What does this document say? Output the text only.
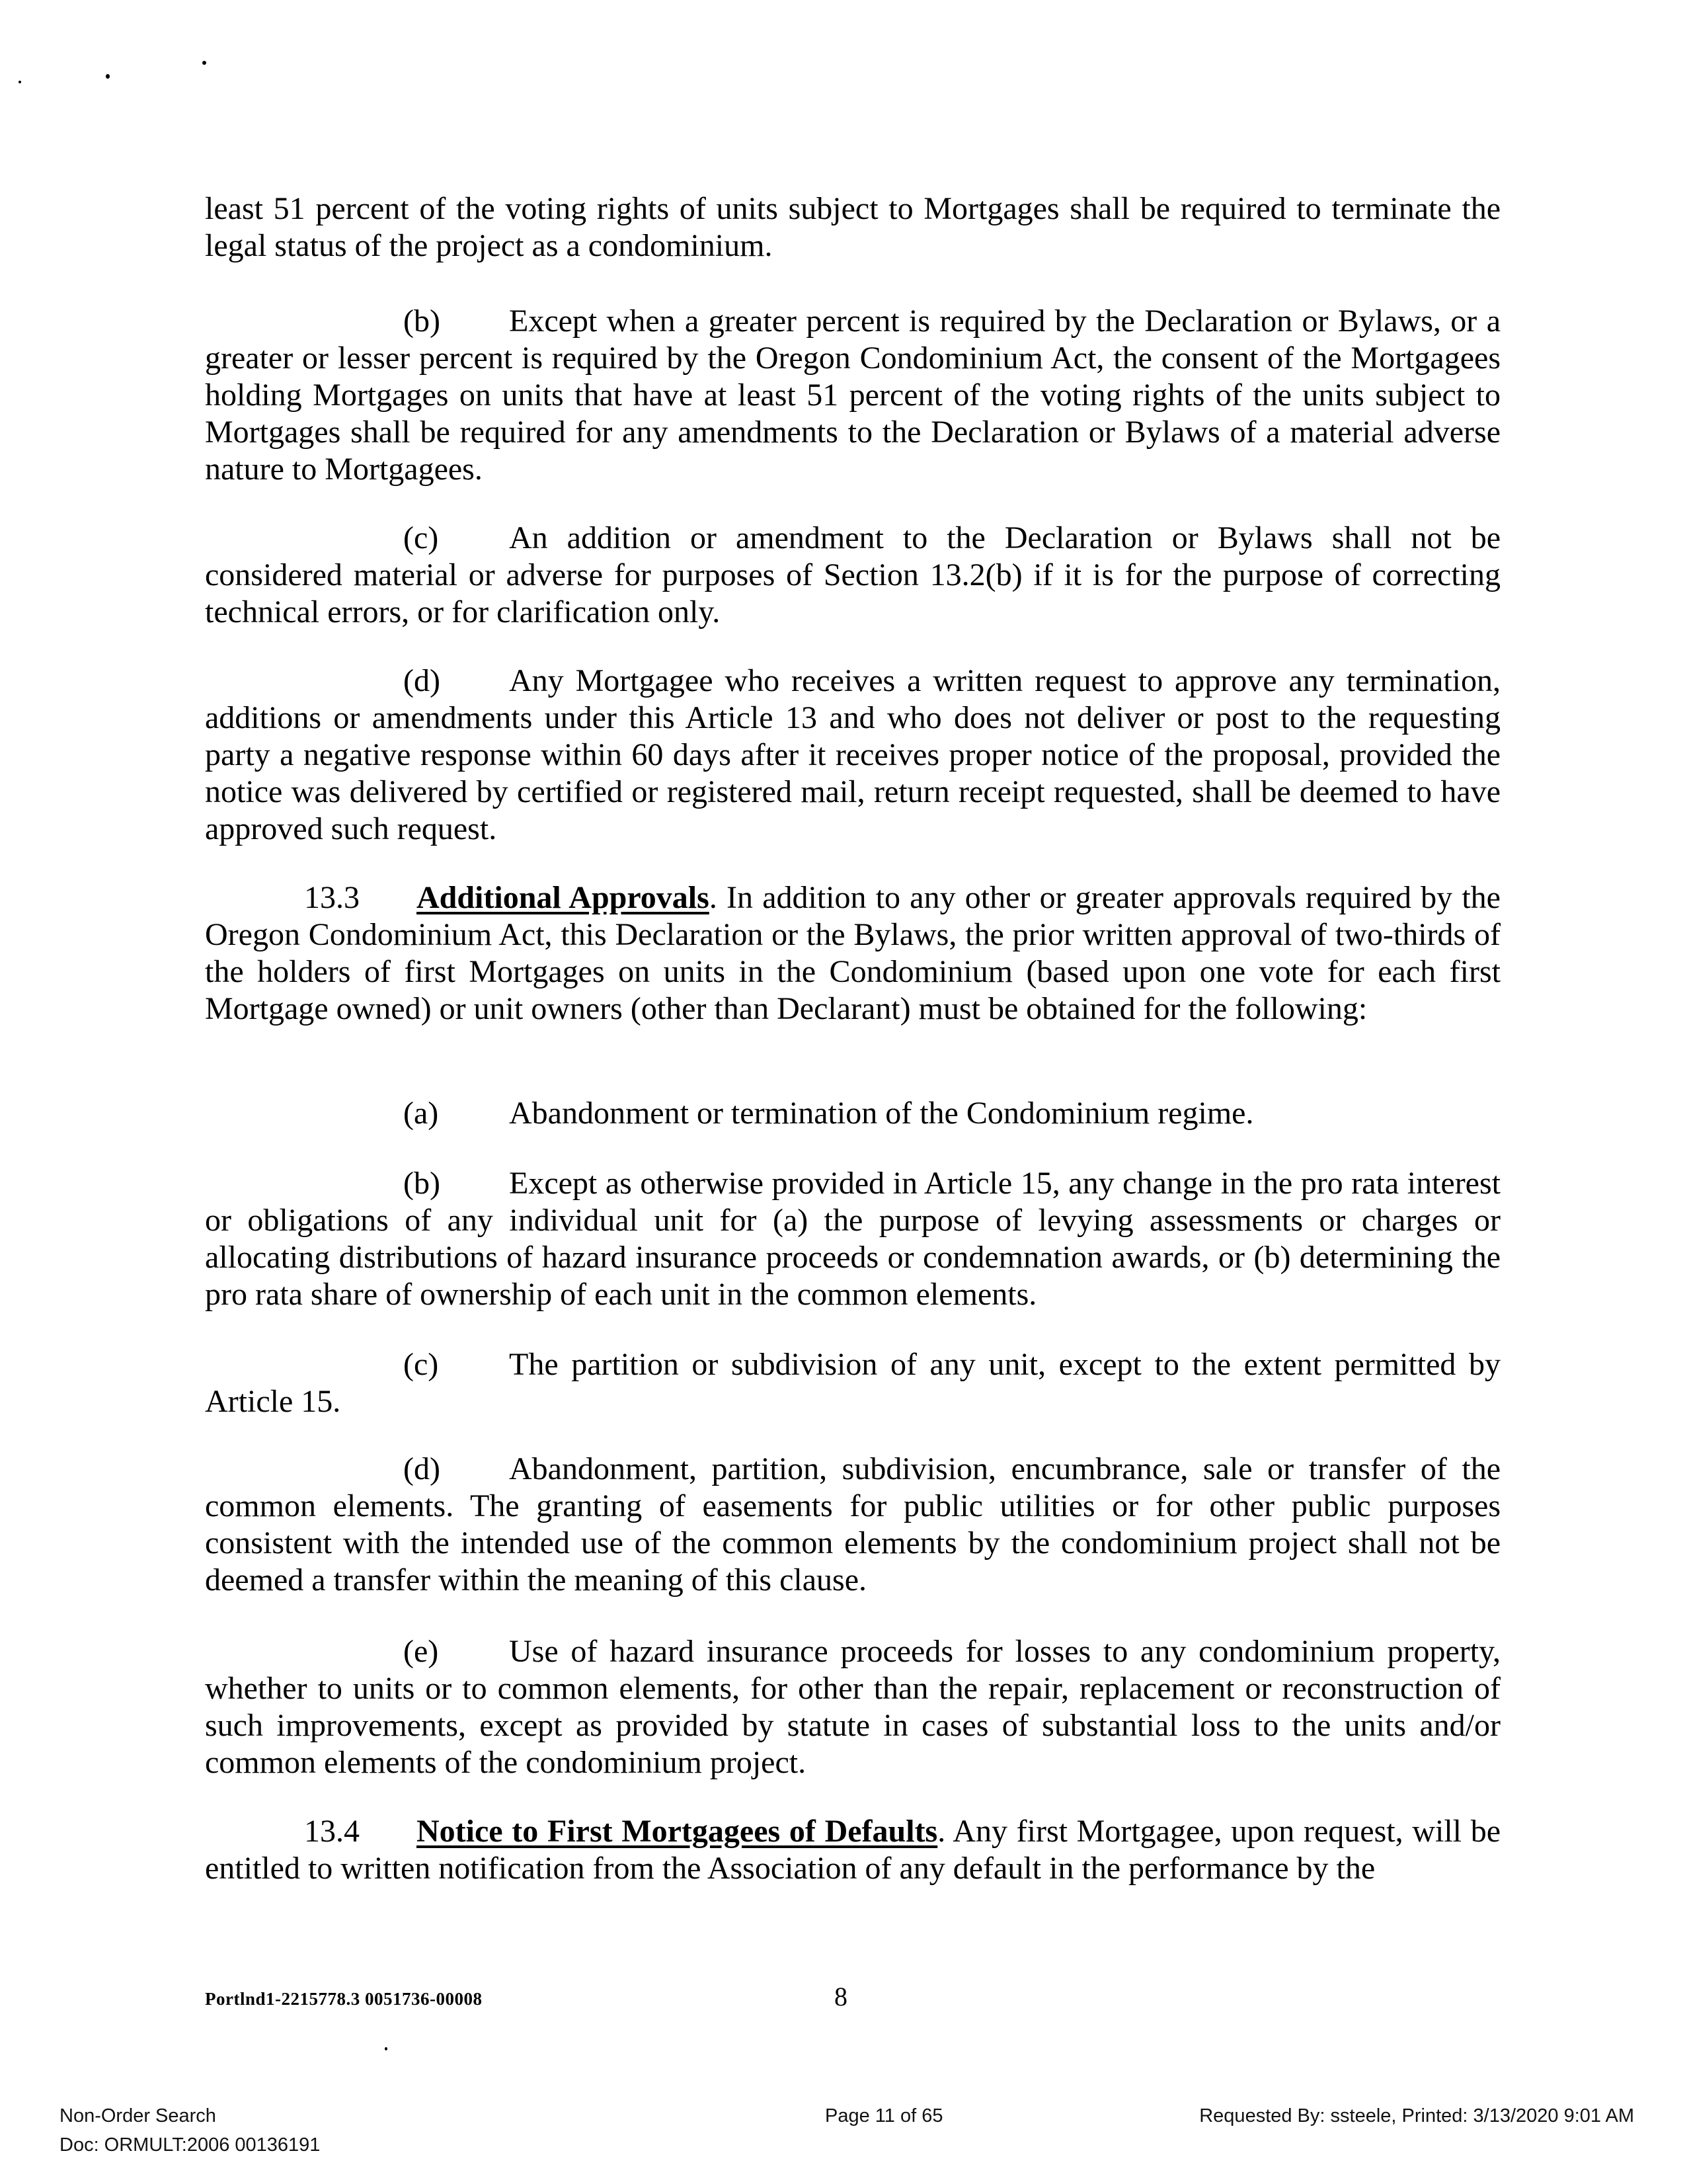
least 51 percent of the voting rights of units subject to Mortgages shall be required to terminate the legal status of the project as a condominium.

(b) Except when a greater percent is required by the Declaration or Bylaws, or a greater or lesser percent is required by the Oregon Condominium Act, the consent of the Mortgagees holding Mortgages on units that have at least 51 percent of the voting rights of the units subject to Mortgages shall be required for any amendments to the Declaration or Bylaws of a material adverse nature to Mortgagees.

(c) An addition or amendment to the Declaration or Bylaws shall not be considered material or adverse for purposes of Section 13.2(b) if it is for the purpose of correcting technical errors, or for clarification only.

(d) Any Mortgagee who receives a written request to approve any termination, additions or amendments under this Article 13 and who does not deliver or post to the requesting party a negative response within 60 days after it receives proper notice of the proposal, provided the notice was delivered by certified or registered mail, return receipt requested, shall be deemed to have approved such request.

13.3 Additional Approvals. In addition to any other or greater approvals required by the Oregon Condominium Act, this Declaration or the Bylaws, the prior written approval of two-thirds of the holders of first Mortgages on units in the Condominium (based upon one vote for each first Mortgage owned) or unit owners (other than Declarant) must be obtained for the following:

(a) Abandonment or termination of the Condominium regime.

(b) Except as otherwise provided in Article 15, any change in the pro rata interest or obligations of any individual unit for (a) the purpose of levying assessments or charges or allocating distributions of hazard insurance proceeds or condemnation awards, or (b) determining the pro rata share of ownership of each unit in the common elements.

(c) The partition or subdivision of any unit, except to the extent permitted by
Article 15.

(d) Abandonment, partition, subdivision, encumbrance, sale or transfer of the common elements. The granting of easements for public utilities or for other public purposes consistent with the intended use of the common elements by the condominium project shall not be deemed a transfer within the meaning of this clause.

(e) Use of hazard insurance proceeds for losses to any condominium property, whether to units or to common elements, for other than the repair, replacement or reconstruction of such improvements, except as provided by statute in cases of substantial loss to the units and/or common elements of the condominium project.

13.4 Notice to First Mortgagees of Defaults. Any first Mortgagee, upon request, will be entitled to written notification from the Association of any default in the performance by the

Portlnd1-2215778.3 0051736-00008	8
Non-Order Search
Doc: ORMULT:2006 00136191
Page 11 of 65	Requested By: ssteele, Printed: 3/13/2020 9:01 AM
